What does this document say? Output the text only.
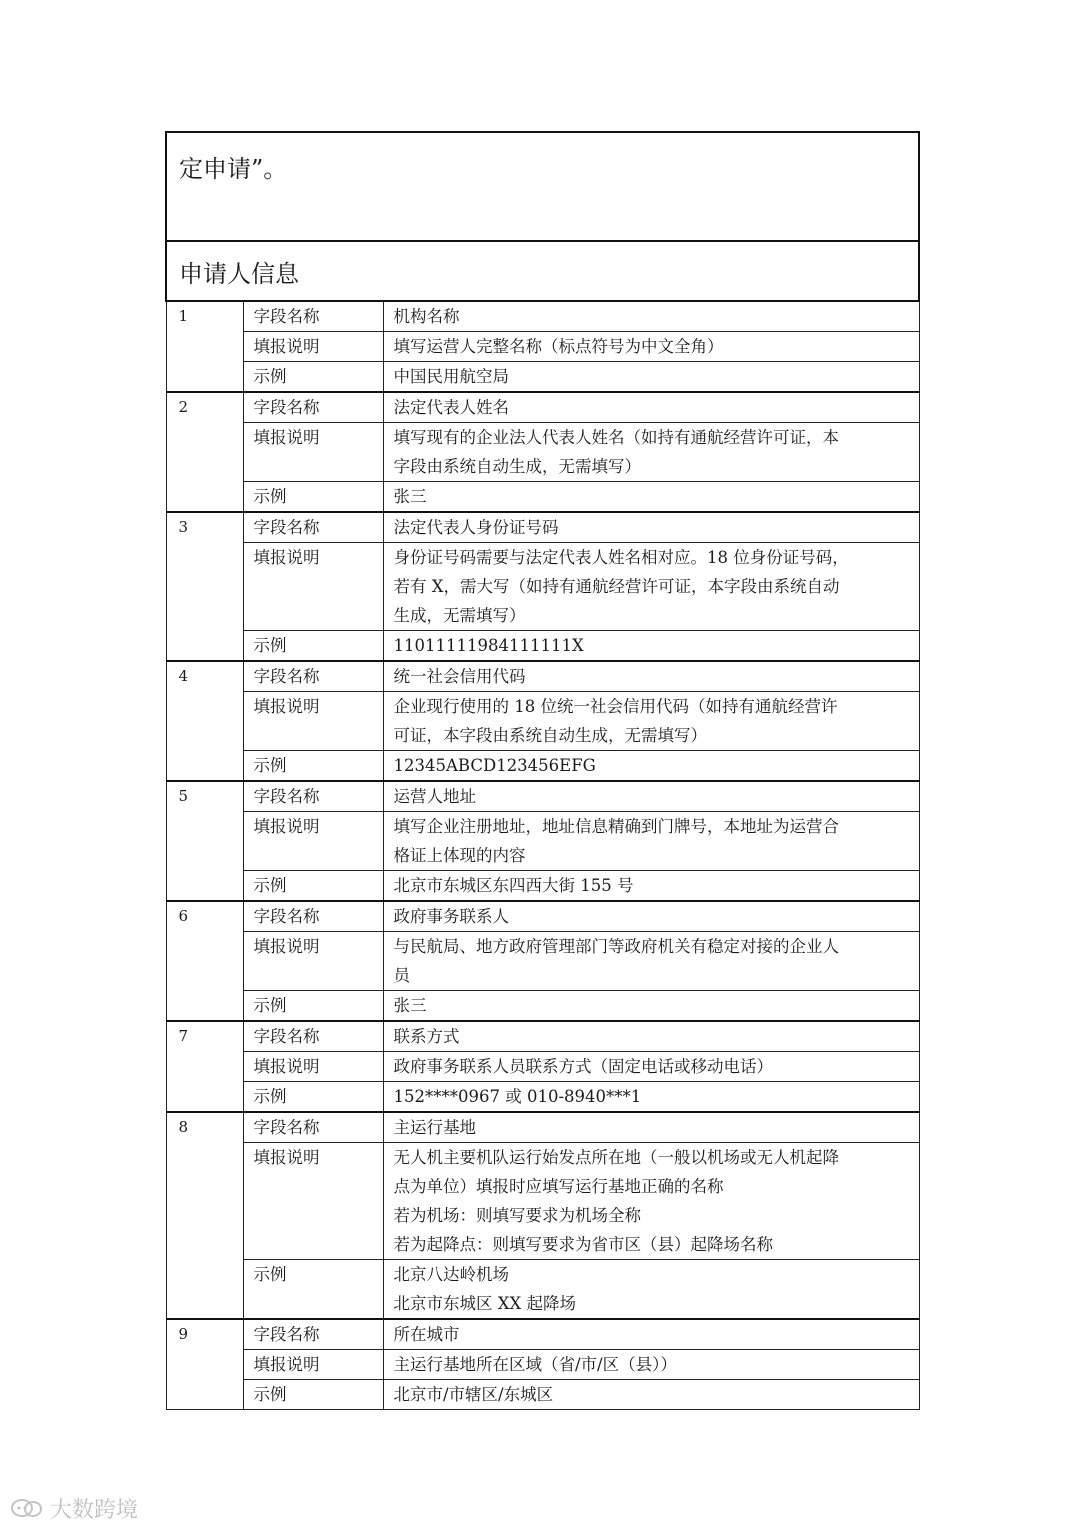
定申请”。		
申请人信息		
1	字段名称	机构名称

	填报说明	填写运营人完整名称（标点符号为中文全角）

	示例	中国民用航空局

2	字段名称	法定代表人姓名

	填报说明	填写现有的企业法人代表人姓名（如持有通航经营许可证，本
字段由系统自动生成，无需填写）

	示例	张三

3	字段名称	法定代表人身份证号码

	填报说明	身份证号码需要与法定代表人姓名相对应。18 位身份证号码，
若有 X，需大写（如持有通航经营许可证，本字段由系统自动
生成，无需填写）

	示例	11011111984111111X

4	字段名称	统一社会信用代码

	填报说明	企业现行使用的 18 位统一社会信用代码（如持有通航经营许
可证，本字段由系统自动生成，无需填写）

	示例	12345ABCD123456EFG

5	字段名称	运营人地址

	填报说明	填写企业注册地址，地址信息精确到门牌号，本地址为运营合
格证上体现的内容

	示例	北京市东城区东四西大街 155 号

6	字段名称	政府事务联系人

	填报说明	与民航局、地方政府管理部门等政府机关有稳定对接的企业人
员

	示例	张三

7	字段名称	联系方式

	填报说明	政府事务联系人员联系方式（固定电话或移动电话）

	示例	152****0967 或 010-8940***1

8	字段名称	主运行基地

	填报说明	无人机主要机队运行始发点所在地（一般以机场或无人机起降
点为单位）填报时应填写运行基地正确的名称
若为机场：则填写要求为机场全称
若为起降点：则填写要求为省市区（县）起降场名称

	示例	北京八达岭机场
北京市东城区 XX 起降场

9	字段名称	所在城市

	填报说明	主运行基地所在区域（省/市/区（县））

	示例	北京市/市辖区/东城区
大数跨境
